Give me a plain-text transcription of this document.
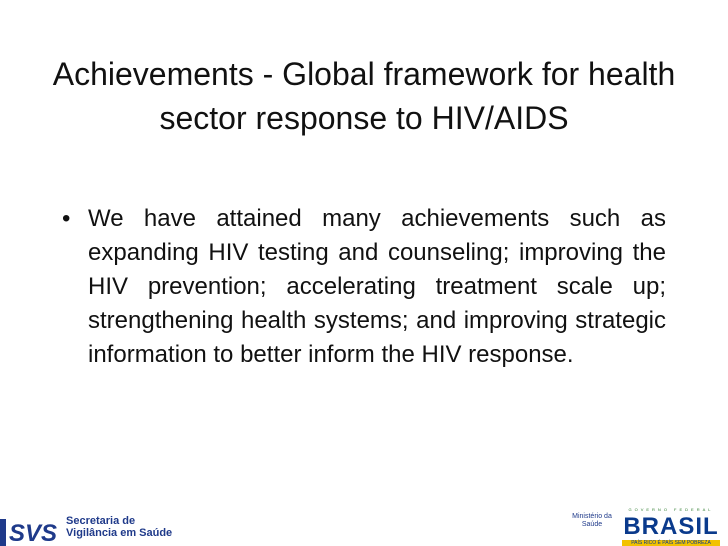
Achievements - Global framework for health sector response to HIV/AIDS
• We have attained many achievements such as expanding HIV testing and counseling; improving the HIV prevention; accelerating treatment scale up; strengthening health systems; and improving strategic information to better inform the HIV response.
SVS Secretaria de
Vigilância em Saúde
Ministério da
Saúde
GOVERNO FEDERAL
BRASIL
PAÍS RICO É PAÍS SEM POBREZA
